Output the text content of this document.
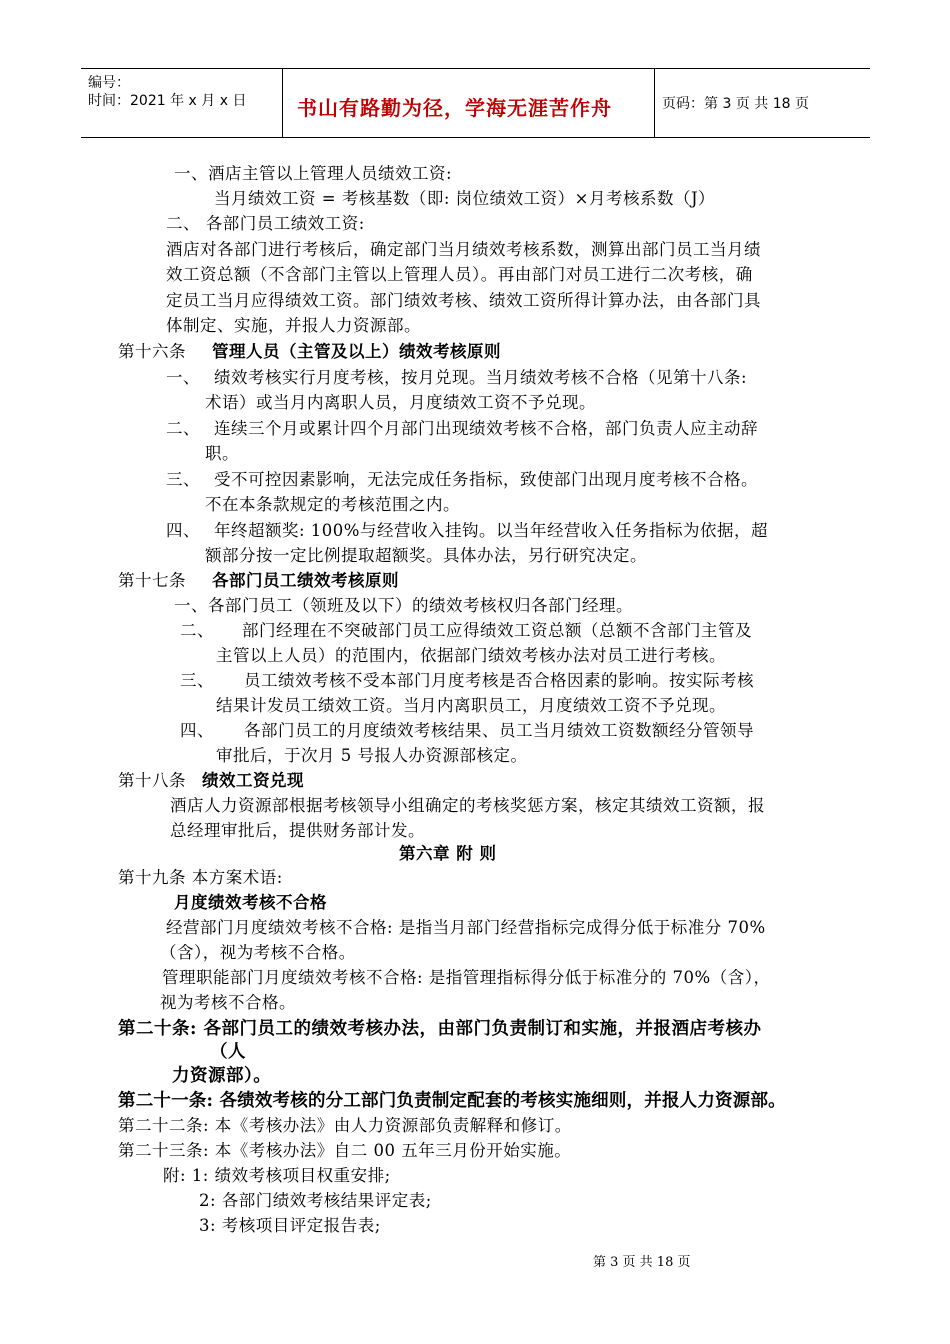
编号：
时间：2021 年 x 月 x 日	书山有路勤为径，学海无涯苦作舟	页码：第 3 页 共 18 页
一、酒店主管以上管理人员绩效工资:
当月绩效工资 = 考核基数（即: 岗位绩效工资）×月考核系数（J）
二、 各部门员工绩效工资:
酒店对各部门进行考核后，确定部门当月绩效考核系数，测算出部门员工当月绩
效工资总额（不含部门主管以上管理人员）。再由部门对员工进行二次考核，确
定员工当月应得绩效工资。部门绩效考核、绩效工资所得计算办法，由各部门具
体制定、实施，并报人力资源部。
第十六条 管理人员（主管及以上）绩效考核原则
一、 绩效考核实行月度考核，按月兑现。当月绩效考核不合格（见第十八条:
术语）或当月内离职人员，月度绩效工资不予兑现。
二、 连续三个月或累计四个月部门出现绩效考核不合格，部门负责人应主动辞
职。
三、 受不可控因素影响，无法完成任务指标，致使部门出现月度考核不合格。
不在本条款规定的考核范围之内。
四、 年终超额奖: 100%与经营收入挂钩。以当年经营收入任务指标为依据，超
额部分按一定比例提取超额奖。具体办法，另行研究决定。
第十七条 各部门员工绩效考核原则
一、各部门员工（领班及以下）的绩效考核权归各部门经理。
二、 部门经理在不突破部门员工应得绩效工资总额（总额不含部门主管及
主管以上人员）的范围内，依据部门绩效考核办法对员工进行考核。
三、 员工绩效考核不受本部门月度考核是否合格因素的影响。按实际考核
结果计发员工绩效工资。当月内离职员工，月度绩效工资不予兑现。
四、 各部门员工的月度绩效考核结果、员工当月绩效工资数额经分管领导
审批后，于次月 5 号报人办资源部核定。
第十八条 绩效工资兑现
酒店人力资源部根据考核领导小组确定的考核奖惩方案，核定其绩效工资额，报
总经理审批后，提供财务部计发。
第六章 附 则
第十九条 本方案术语:
月度绩效考核不合格
经营部门月度绩效考核不合格: 是指当月部门经营指标完成得分低于标准分 70%
（含），视为考核不合格。
管理职能部门月度绩效考核不合格: 是指管理指标得分低于标准分的 70%（含），
视为考核不合格。
第二十条: 各部门员工的绩效考核办法，由部门负责制订和实施，并报酒店考核办
（人
力资源部）。
第二十一条: 各绩效考核的分工部门负责制定配套的考核实施细则，并报人力资源部。
第二十二条: 本《考核办法》由人力资源部负责解释和修订。
第二十三条: 本《考核办法》自二 00 五年三月份开始实施。
附: 1: 绩效考核项目权重安排;
2: 各部门绩效考核结果评定表;
3: 考核项目评定报告表;
第 3 页 共 18 页
